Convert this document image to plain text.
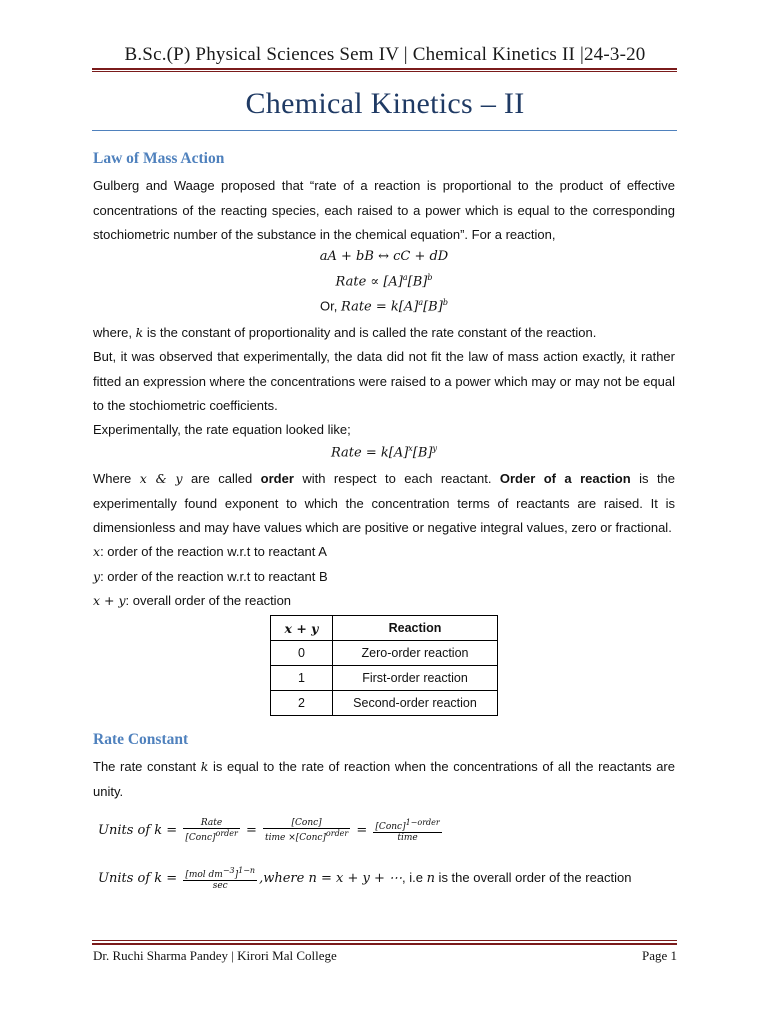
B.Sc.(P) Physical Sciences Sem IV | Chemical Kinetics II |24-3-20
Chemical Kinetics – II
Law of Mass Action
Gulberg and Waage proposed that “rate of a reaction is proportional to the product of effective concentrations of the reacting species, each raised to a power which is equal to the corresponding stochiometric number of the substance in the chemical equation”. For a reaction,
aA + bB ↔ cC + dD
Rate ∝ $[A]^a[B]^b$
Or, Rate = $k[A]^a[B]^b$
where, k is the constant of proportionality and is called the rate constant of the reaction.
But, it was observed that experimentally, the data did not fit the law of mass action exactly, it rather fitted an expression where the concentrations were raised to a power which may or may not be equal to the stochiometric coefficients.
Experimentally, the rate equation looked like;
Rate = $k[A]^x[B]^y$
Where x & y are called order with respect to each reactant. Order of a reaction is the experimentally found exponent to which the concentration terms of reactants are raised. It is dimensionless and may have values which are positive or negative integral values, zero or fractional.
x: order of the reaction w.r.t to reactant A
y: order of the reaction w.r.t to reactant B
x + y: overall order of the reaction
x + y	Reaction
0	Zero-order reaction
1	First-order reaction
2	Second-order reaction
Rate Constant
The rate constant k is equal to the rate of reaction when the concentrations of all the reactants are unity.
Units of $k = \frac{\text{Rate}}{[Conc]^{order}} = \frac{\text{[Conc]}}{time \times[Conc]^{order}} = \frac{[Conc]^{1-order}}{\text{time}}$
Units of $k = \frac{[mol dm^{-3}]^{1-n}}{\sec}$ ,where n = x + y + ⋯, i.e n is the overall order of the reaction
Dr. Ruchi Sharma Pandey | Kirori Mal College	Page 1
